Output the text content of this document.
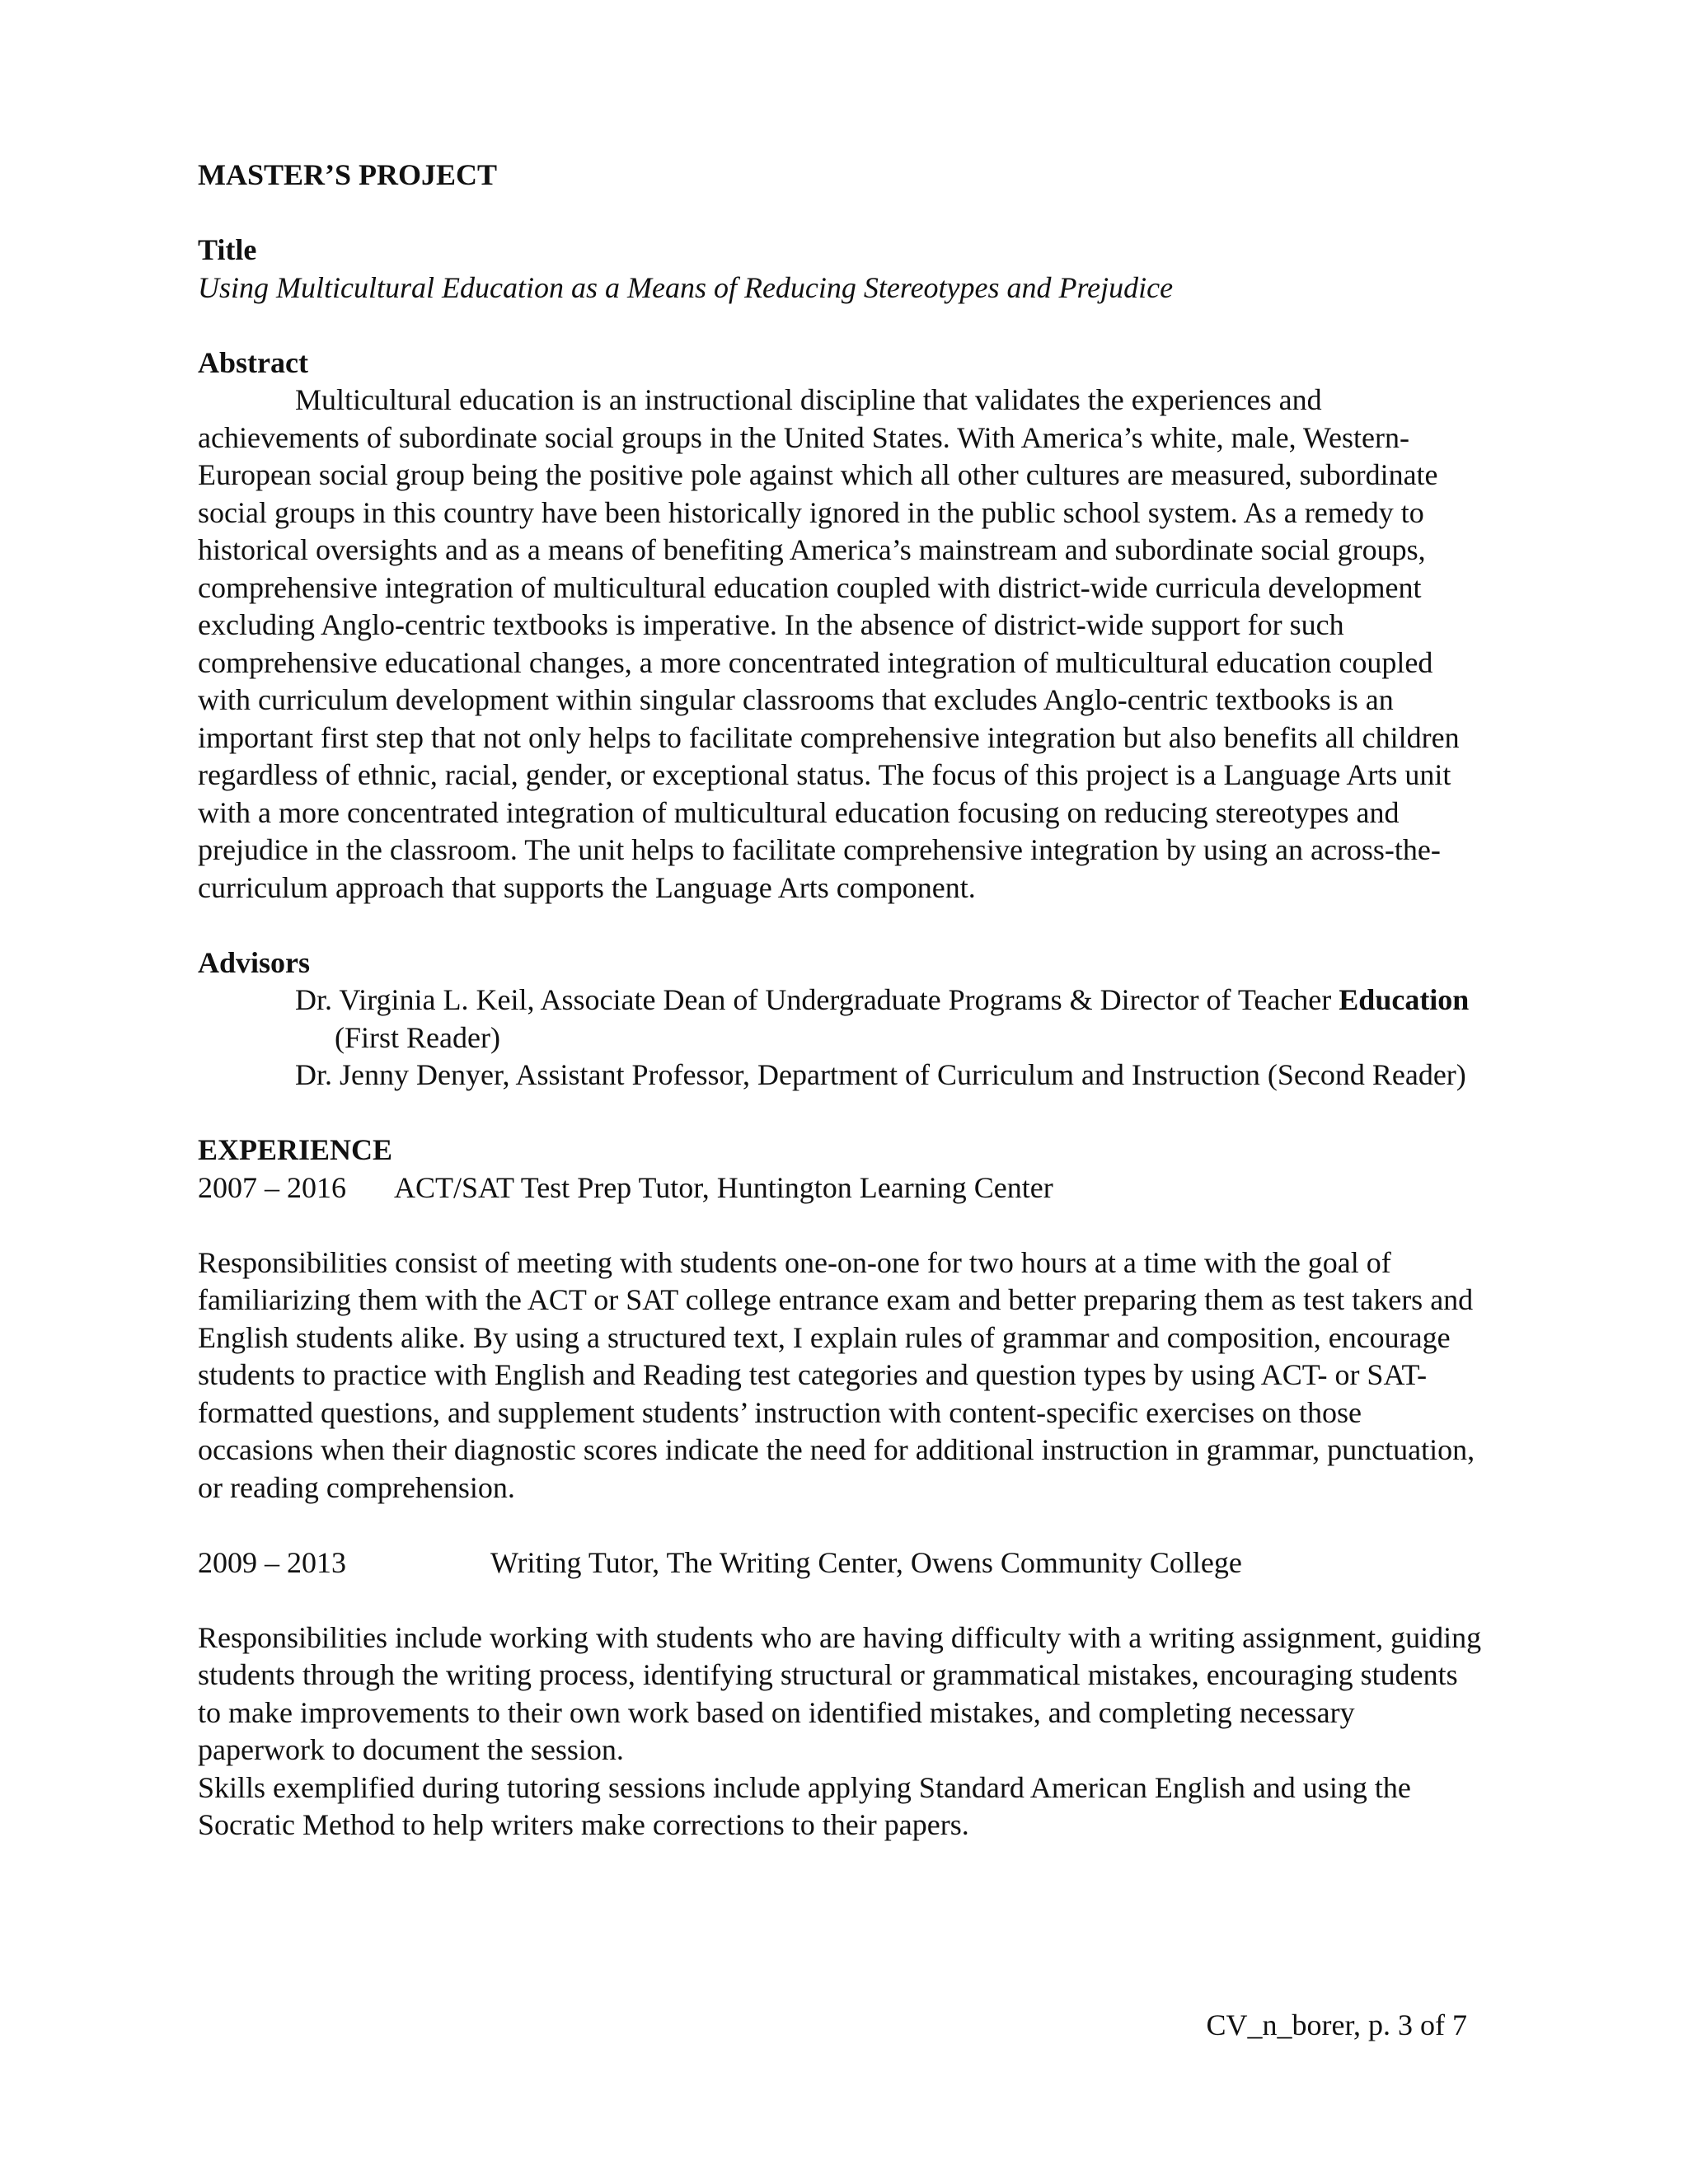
MASTER’S PROJECT

Title

Using Multicultural Education as a Means of Reducing Stereotypes and Prejudice

Abstract

Multicultural education is an instructional discipline that validates the experiences and achievements of subordinate social groups in the United States. With America’s white, male, Western-European social group being the positive pole against which all other cultures are measured, subordinate social groups in this country have been historically ignored in the public school system. As a remedy to historical oversights and as a means of benefiting America’s mainstream and subordinate social groups, comprehensive integration of multicultural education coupled with district-wide curricula development excluding Anglo-centric textbooks is imperative. In the absence of district-wide support for such comprehensive educational changes, a more concentrated integration of multicultural education coupled with curriculum development within singular classrooms that excludes Anglo-centric textbooks is an important first step that not only helps to facilitate comprehensive integration but also benefits all children regardless of ethnic, racial, gender, or exceptional status. The focus of this project is a Language Arts unit with a more concentrated integration of multicultural education focusing on reducing stereotypes and prejudice in the classroom. The unit helps to facilitate comprehensive integration by using an across-the-curriculum approach that supports the Language Arts component.

Advisors

Dr. Virginia L. Keil, Associate Dean of Undergraduate Programs & Director of Teacher Education (First Reader)

Dr. Jenny Denyer, Assistant Professor, Department of Curriculum and Instruction (Second Reader)

EXPERIENCE

2007 – 2016	ACT/SAT Test Prep Tutor, Huntington Learning Center

Responsibilities consist of meeting with students one-on-one for two hours at a time with the goal of familiarizing them with the ACT or SAT college entrance exam and better preparing them as test takers and English students alike. By using a structured text, I explain rules of grammar and composition, encourage students to practice with English and Reading test categories and question types by using ACT- or SAT-formatted questions, and supplement students’ instruction with content-specific exercises on those occasions when their diagnostic scores indicate the need for additional instruction in grammar, punctuation, or reading comprehension.

2009 – 2013	Writing Tutor, The Writing Center, Owens Community College

Responsibilities include working with students who are having difficulty with a writing assignment, guiding students through the writing process, identifying structural or grammatical mistakes, encouraging students to make improvements to their own work based on identified mistakes, and completing necessary paperwork to document the session.

Skills exemplified during tutoring sessions include applying Standard American English and using the Socratic Method to help writers make corrections to their papers.

CV_n_borer, p. 3 of 7
